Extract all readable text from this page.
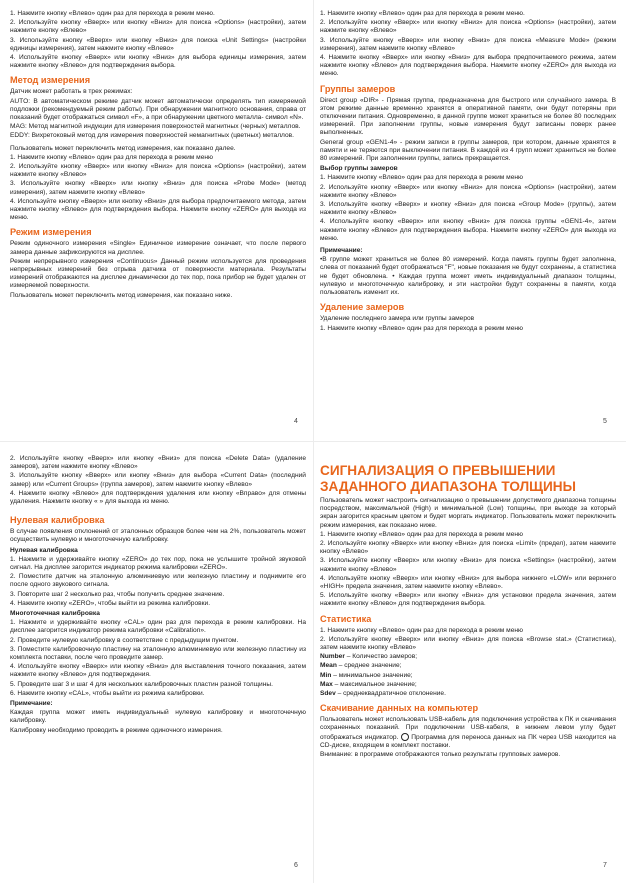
1. Нажмите кнопку «Влево» один раз для перехода в режим меню.

2. Используйте кнопку «Вверх» или кнопку «Вниз» для поиска «Options» (настройки), затем нажмите кнопку «Влево»

3. Используйте кнопку «Вверх» или кнопку «Вниз» для поиска «Unit Settings» (настройки единицы измерения), затем нажмите кнопку «Влево»

4. Используйте кнопку «Вверх» или кнопку «Вниз» для выбора единицы измерения, затем нажмите кнопку «Влево» для подтверждения выбора.

Метод измерения

Датчик может работать в трех режимах:

AUTO: В автоматическом режиме датчик может автоматически определять тип измеряемой подложки (рекомендуемый режим работы). При обнаружении магнитного основания, справа от показаний будет отображаться символ «F», а при обнаружении цветного металла- символ «N».

MAG: Метод магнитной индукции для измерения поверхностей магнитных (черных) металлов.

EDDY: Вихретоковый метод для измерения поверхностей немагнитных (цветных) металлов.

Пользователь может переключить метод измерения, как показано далее.

1. Нажмите кнопку «Влево» один раз для перехода в режим меню

2. Используйте кнопку «Вверх» или кнопку «Вниз» для поиска «Options» (настройки), затем нажмите кнопку «Влево»

3. Используйте кнопку «Вверх» или кнопку «Вниз» для поиска «Probe Mode» (метод измерения), затем нажмите кнопку «Влево»

4. Используйте кнопку «Вверх» или кнопку «Вниз» для выбора предпочитаемого метода, затем нажмите кнопку «Влево» для подтверждения выбора. Нажмите кнопку «ZERO» для выхода из меню.

Режим измерения

Режим одиночного измерения «Single» Единичное измерение означает, что после первого замера данные зафиксируются на дисплее.

Режим непрерывного измерения «Continuous» Данный режим используется для проведения непрерывных измерений без отрыва датчика от поверхности материала. Результаты измерений отображаются на дисплее динамически до тех пор, пока прибор не будет удален от измеряемой поверхности.

Пользователь может переключить метод измерения, как показано ниже.

4

1. Нажмите кнопку «Влево» один раз для перехода в режим меню.

2. Используйте кнопку «Вверх» или кнопку «Вниз» для поиска «Options» (настройки), затем нажмите кнопку «Влево»

3. Используйте кнопку «Вверх» или кнопку «Вниз» для поиска «Measure Mode» (режим измерения), затем нажмите кнопку «Влево»

4. Нажмите кнопку «Вверх» или кнопку «Вниз» для выбора предпочитаемого режима, затем нажмите кнопку «Влево» для подтверждения выбора. Нажмите кнопку «ZERO» для выхода из меню.

Группы замеров

Direct group «DIR» - Прямая группа, предназначена для быстрого или случайного замера. В этом режиме данные временно хранятся в оперативной памяти, они будут потеряны при отключении питания. Одновременно, в данной группе может храниться не более 80 последних измерений. При заполнении группы, новые измерения будут записаны поверх ранее выполненных.

General group «GEN1-4» - режим записи в группы замеров, при котором, данные хранятся в памяти и не теряются при выключении питания. В каждой из 4 групп может храниться не более 80 измерений. При заполнении группы, запись прекращается.

Выбор группы замеров

1. Нажмите кнопку «Влево» один раз для перехода в режим меню

2. Используйте кнопку «Вверх» или кнопку «Вниз» для поиска «Options» (настройки), затем нажмите кнопку «Влево»

3. Используйте кнопку «Вверх» и кнопку «Вниз» для поиска «Group Mode» (группы), затем нажмите кнопку «Влево»

4. Используйте кнопку «Вверх» или кнопку «Вниз» для поиска группы «GEN1-4», затем нажмите кнопку «Влево» для подтверждения выбора. Нажмите кнопку «ZERO» для выхода из меню.

Примечание:

•В группе может храниться не более 80 измерений. Когда память группы будет заполнена, слева от показаний будет отображаться "F", новые показания не будут сохранены, а статистика не будет обновлена. • Каждая группа может иметь индивидуальный диапазон толщины, нулевую и многоточечную калибровку, и эти настройки будут сохранены в памяти, когда пользователь изменит их.

Удаление замеров

Удаление последнего замера или группы замеров

1. Нажмите кнопку «Влево» один раз для перехода в режим меню

5

2. Используйте кнопку «Вверх» или кнопку «Вниз» для поиска «Delete Data» (удаление замеров), затем нажмите кнопку «Влево»

3. Используйте кнопку «Вверх» или кнопку «Вниз» для выбора «Current Data» (последний замер) или «Current Groups» (группа замеров), затем нажмите кнопку «Влево»

4. Нажмите кнопку «Влево» для подтверждения удаления или кнопку «Вправо» для отмены удаления. Нажмите кнопку « » для выхода из меню.

Нулевая калибровка

В случае появления отклонений от эталонных образцов более чем на 2%, пользователь может осуществить нулевую и многоточечную калибровку.

Нулевая калибровка

1. Нажмите и удерживайте кнопку «ZERO» до тех пор, пока не услышите тройной звуковой сигнал. На дисплее загорится индикатор режима калибровки «ZERO».

2. Поместите датчик на эталонную алюминиевую или железную пластину и поднимите его после одного звукового сигнала.

3. Повторите шаг 2 несколько раз, чтобы получить среднее значение.

4. Нажмите кнопку «ZERO», чтобы выйти из режима калибровки.

Многоточечная калибровка

1. Нажмите и удерживайте кнопку «CAL» один раз для перехода в режим калибровки. На дисплее загорится индикатор режима калибровки «Calibration».

2. Проведите нулевую калибровку в соответствие с предыдущим пунктом.

3. Поместите калибровочную пластину на эталонную алюминиевую или железную пластину из комплекта поставки, после чего проведите замер.

4. Используйте кнопку «Вверх» или кнопку «Вниз» для выставления точного показания, затем нажмите кнопку «Влево» для подтверждения.

5. Проведите шаг 3 и шаг 4 для нескольких калибровочных пластин разной толщины.

6. Нажмите кнопку «CAL», чтобы выйти из режима калибровки.

Примечание:

Каждая группа может иметь индивидуальный нулевую калибровку и многоточечную калибровку.

Калибровку необходимо проводить в режиме одиночного измерения.

6
СИГНАЛИЗАЦИЯ О ПРЕВЫШЕНИИ ЗАДАННОГО ДИАПАЗОНА ТОЛЩИНЫ

Пользователь может настроить сигнализацию о превышении допустимого диапазона толщины посредством, максимальной (High) и минимальной (Low) толщины, при выходе за который экран загорится красным цветом и будет моргать индикатор. Пользователь может переключить режим измерения, как показано ниже.

1. Нажмите кнопку «Влево» один раз для перехода в режим меню

2. Используйте кнопку «Вверх» или кнопку «Вниз» для поиска «Limit» (предел), затем нажмите кнопку «Влево»

3. Используйте кнопку «Вверх» или кнопку «Вниз» для поиска «Settings» (настройки), затем нажмите кнопку «Влево»

4. Используйте кнопку «Вверх» или кнопку «Вниз» для выбора нижнего «LOW» или верхнего «HIGH» предела значения, затем нажмите кнопку «Влево».

5. Используйте кнопку «Вверх» или кнопку «Вниз» для установки предела значения, затем нажмите кнопку «Влево» для подтверждения выбора.

Статистика

1. Нажмите кнопку «Влево» один раз для перехода в режим меню

2. Используйте кнопку «Вверх» или кнопку «Вниз» для поиска «Browse stat.» (Статистика), затем нажмите кнопку «Влево»

Number – Количество замеров;

Mean – среднее значение;

Min – минимальное значение;

Max – максимальное значение;

Sdev – среднеквадратичное отклонение.

Скачивание данных на компьютер

Пользователь может использовать USB-кабель для подключения устройства к ПК и скачивания сохраненных показаний. При подключении USB-кабеля, в нижнем левом углу будет отображаться индикатор. Программа для переноса данных на ПК через USB находится на CD-диске, входящем в комплект поставки.

Внимание: в программе отображаются только результаты групповых замеров.

7
